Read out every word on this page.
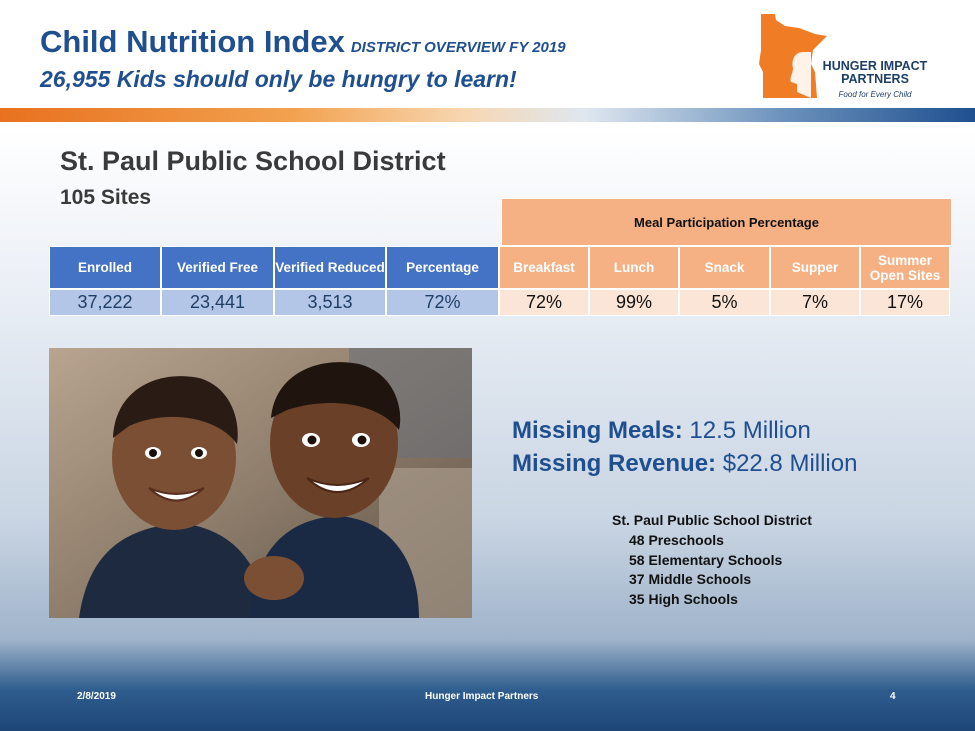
Child Nutrition Index DISTRICT OVERVIEW FY 2019
26,955 Kids should only be hungry to learn!	HUNGER IMPACT
PARTNERS
Food for Every Child
St. Paul Public School District
105 Sites
Meal Participation Percentage
Enrolled	Verified Free	Verified Reduced	Percentage	Breakfast	Lunch	Snack	Supper	Summer Open Sites
37,222	23,441	3,513	72%	72%	99%	5%	7%	17%
Missing Meals: 12.5 Million
Missing Revenue: $22.8 Million
St. Paul Public School District
48 Preschools
58 Elementary Schools
37 Middle Schools
35 High Schools
2/8/2019	Hunger Impact Partners	4
